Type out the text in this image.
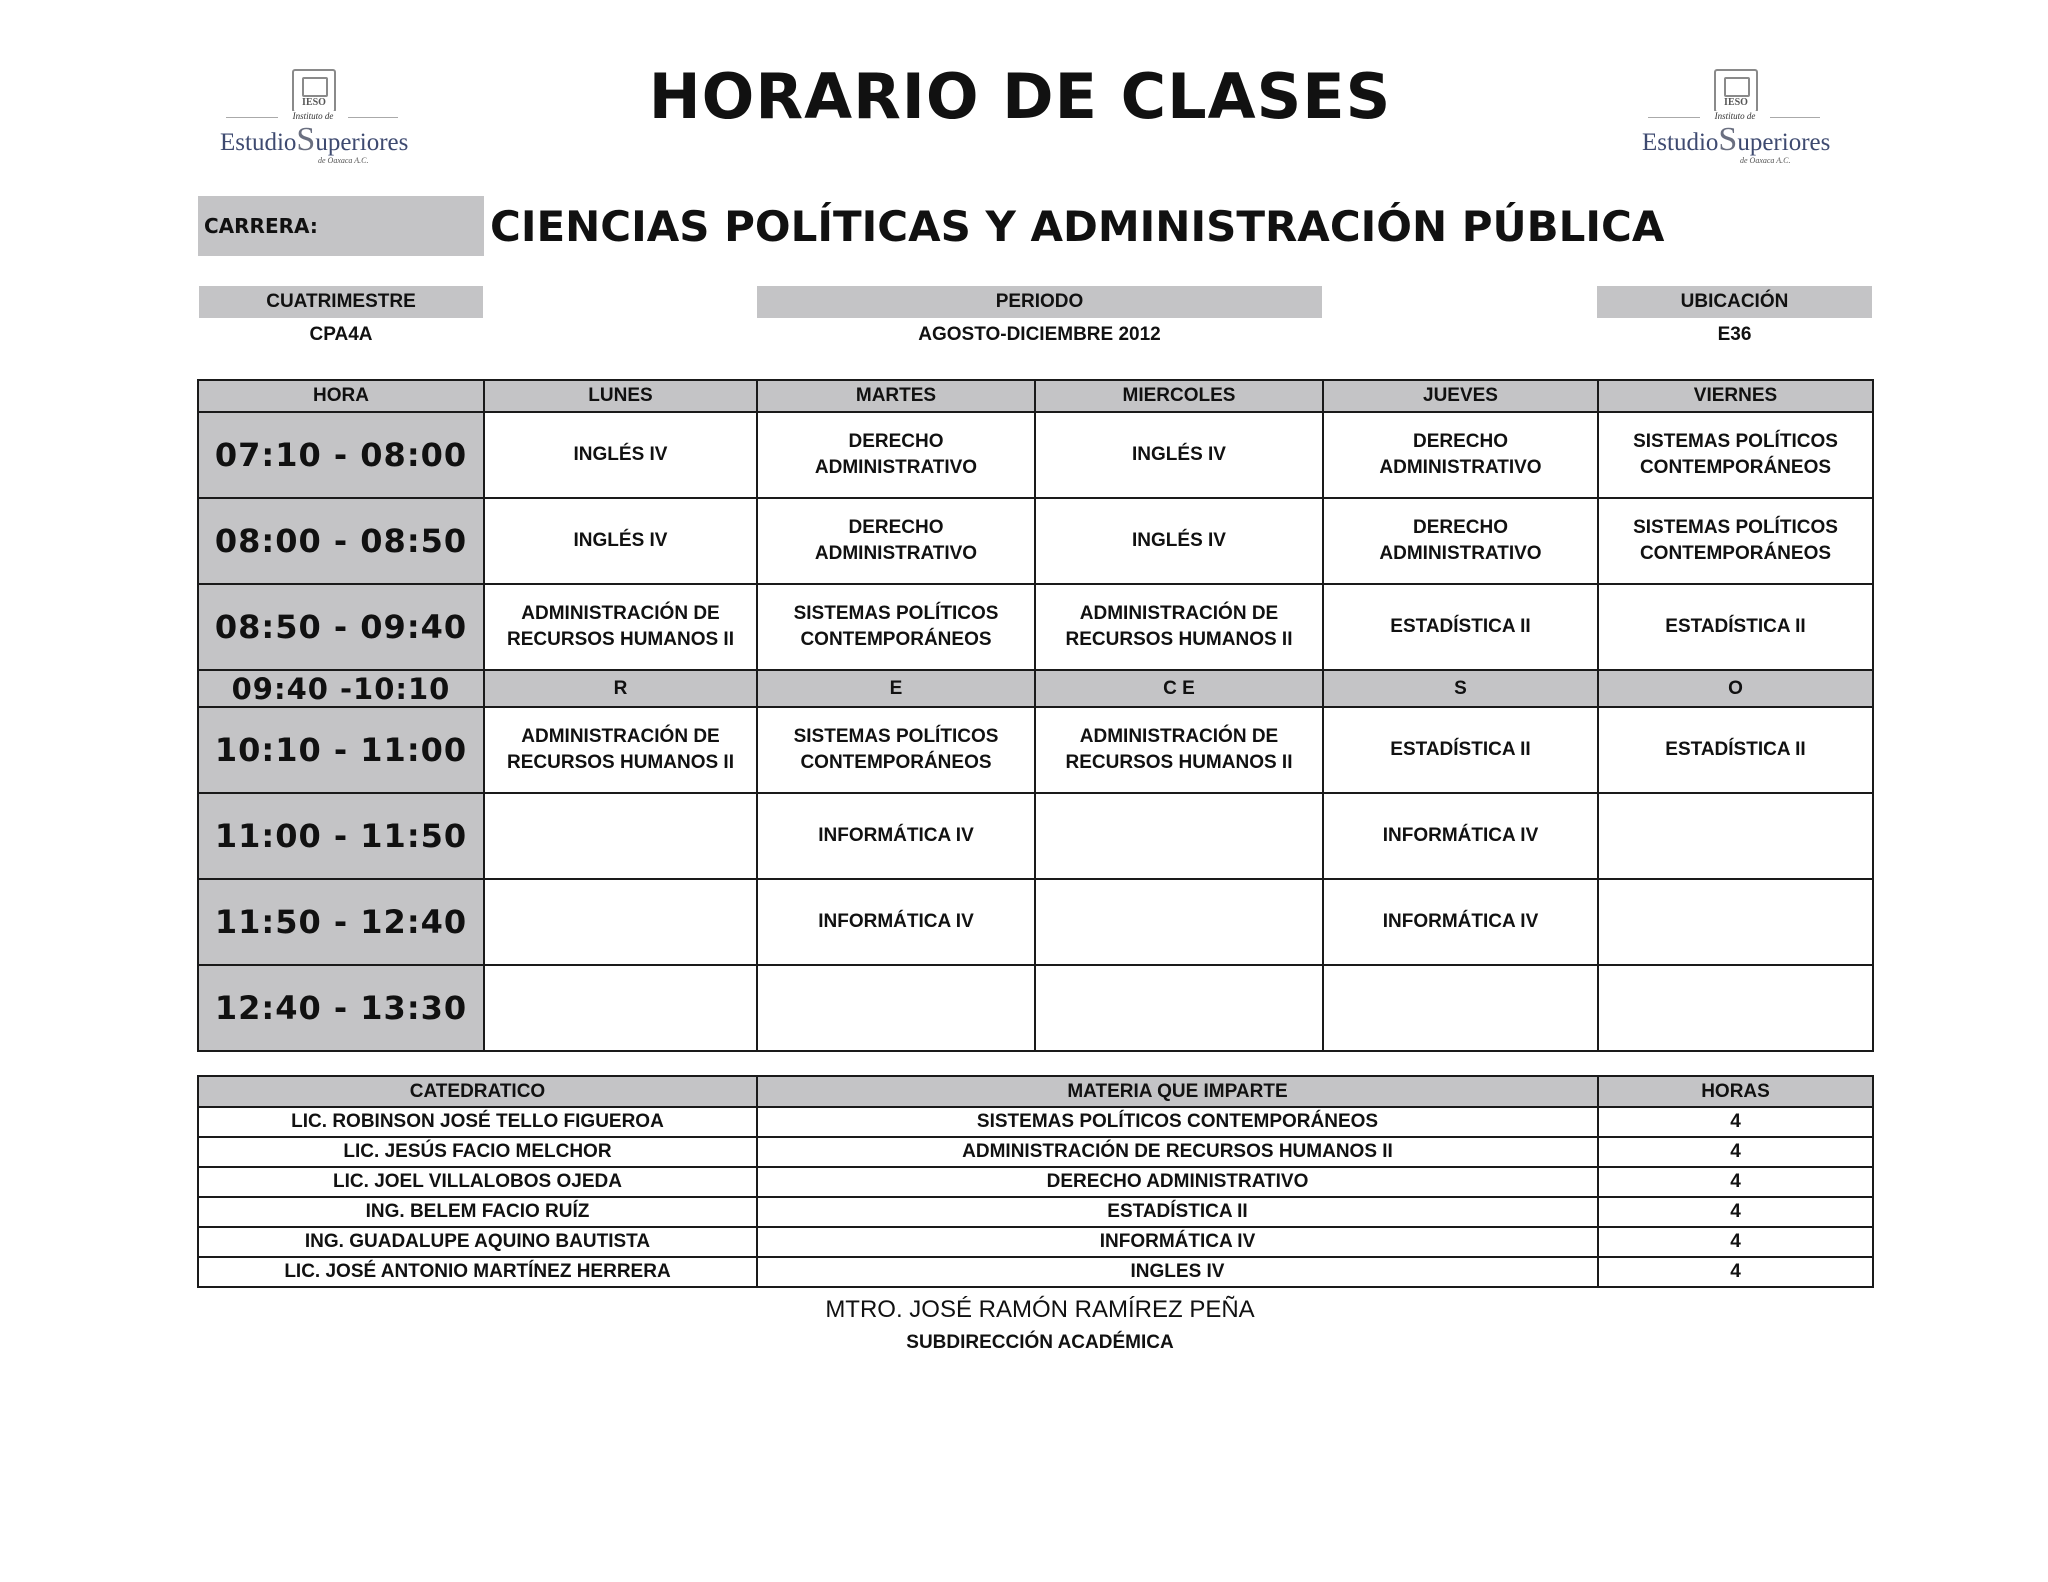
IESO
Instituto de
EstudioSuperiores
de Oaxaca A.C.
IESO
Instituto de
EstudioSuperiores
de Oaxaca A.C.
HORARIO DE CLASES
CARRERA:	CIENCIAS POLÍTICAS Y ADMINISTRACIÓN PÚBLICA
CUATRIMESTRE
CPA4A
PERIODO
AGOSTO-DICIEMBRE 2012
UBICACIÓN
E36
HORA	LUNES	MARTES	MIERCOLES	JUEVES	VIERNES
07:10 - 08:00	INGLÉS IV	DERECHO
ADMINISTRATIVO	INGLÉS IV	DERECHO
ADMINISTRATIVO	SISTEMAS POLÍTICOS
CONTEMPORÁNEOS
08:00 - 08:50	INGLÉS IV	DERECHO
ADMINISTRATIVO	INGLÉS IV	DERECHO
ADMINISTRATIVO	SISTEMAS POLÍTICOS
CONTEMPORÁNEOS
08:50 - 09:40	ADMINISTRACIÓN DE
RECURSOS HUMANOS II	SISTEMAS POLÍTICOS
CONTEMPORÁNEOS	ADMINISTRACIÓN DE
RECURSOS HUMANOS II	ESTADÍSTICA II	ESTADÍSTICA II
09:40 -10:10	R	E	C E	S	O
10:10 - 11:00	ADMINISTRACIÓN DE
RECURSOS HUMANOS II	SISTEMAS POLÍTICOS
CONTEMPORÁNEOS	ADMINISTRACIÓN DE
RECURSOS HUMANOS II	ESTADÍSTICA II	ESTADÍSTICA II
11:00 - 11:50		INFORMÁTICA IV		INFORMÁTICA IV	
11:50 - 12:40		INFORMÁTICA IV		INFORMÁTICA IV	
12:40 - 13:30					
CATEDRATICO	MATERIA QUE IMPARTE	HORAS
LIC. ROBINSON JOSÉ TELLO FIGUEROA	SISTEMAS POLÍTICOS CONTEMPORÁNEOS	4
LIC. JESÚS FACIO MELCHOR	ADMINISTRACIÓN DE RECURSOS HUMANOS II	4
LIC. JOEL VILLALOBOS OJEDA	DERECHO ADMINISTRATIVO	4
ING. BELEM FACIO RUÍZ	ESTADÍSTICA II	4
ING. GUADALUPE AQUINO BAUTISTA	INFORMÁTICA IV	4
LIC. JOSÉ ANTONIO MARTÍNEZ HERRERA	INGLES IV	4
MTRO. JOSÉ RAMÓN RAMÍREZ PEÑA
SUBDIRECCIÓN ACADÉMICA
